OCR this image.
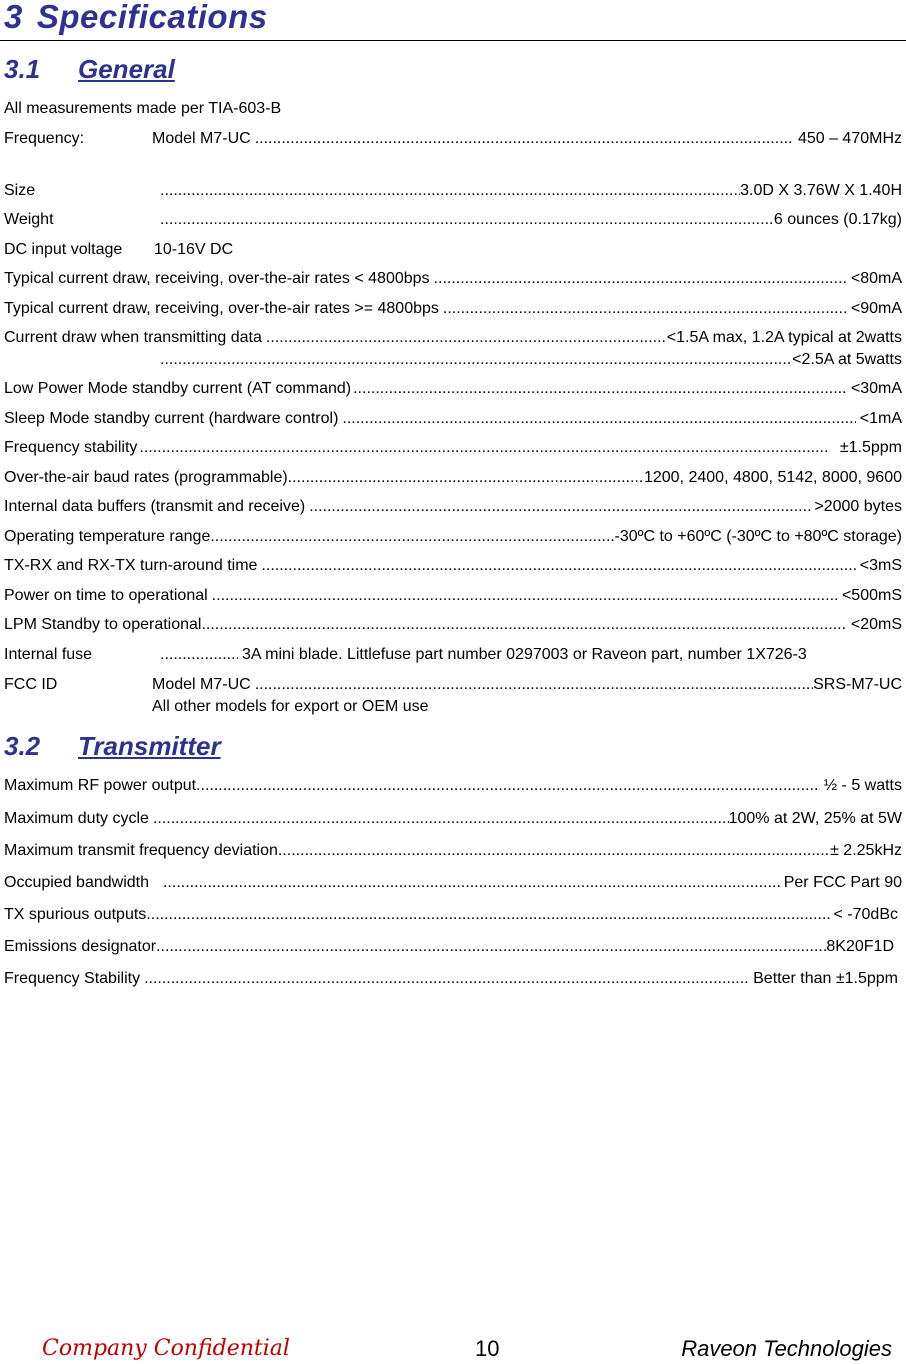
3 Specifications
3.1 General
All measurements made per TIA-603-B
Frequency:	Model M7-UC .....	450 – 470MHz
Size .....	3.0D X 3.76W X 1.40H
Weight .....	6 ounces (0.17kg)
DC input voltage 10-16V DC
Typical current draw, receiving, over-the-air rates < 4800bps .....	<80mA
Typical current draw, receiving, over-the-air rates >= 4800bps .....	<90mA
Current draw when transmitting data .....	<1.5A max, 1.2A typical at 2watts
.....
<2.5A at 5watts
Low Power Mode standby current (AT command) .....	<30mA
Sleep Mode standby current (hardware control) .....	<1mA
Frequency stability .....	±1.5ppm
Over-the-air baud rates (programmable) .....	1200, 2400, 4800, 5142, 8000, 9600
Internal data buffers (transmit and receive) .....	>2000 bytes
Operating temperature range .....	-30ºC to +60ºC (-30ºC to +80ºC storage)
TX-RX and RX-TX turn-around time .....	<3mS
Power on time to operational .....	<500mS
LPM Standby to operational .....	<20mS
Internal fuse .....	3A mini blade. Littlefuse part number 0297003 or Raveon part, number 1X726-3
FCC ID	Model M7-UC .....	SRS-M7-UC
All other models for export or OEM use
3.2 Transmitter
Maximum RF power output .....	½ - 5 watts
Maximum duty cycle .....	100% at 2W, 25% at 5W
Maximum transmit frequency deviation .....	± 2.25kHz
Occupied bandwidth .....	Per FCC Part 90
TX spurious outputs .....	< -70dBc
Emissions designator .....	8K20F1D
Frequency Stability .....	Better than ±1.5ppm
Company Confidential	10	Raveon Technologies
